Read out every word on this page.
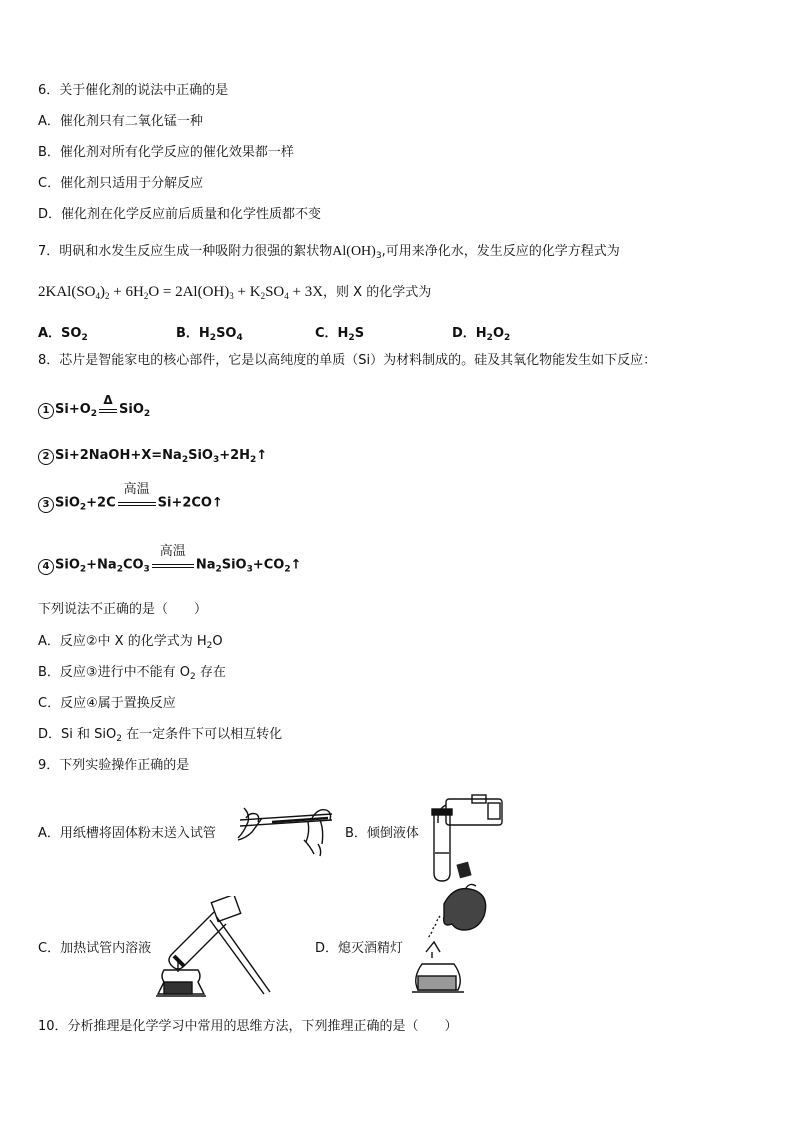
6．关于催化剂的说法中正确的是
A．催化剂只有二氧化锰一种
B．催化剂对所有化学反应的催化效果都一样
C．催化剂只适用于分解反应
D．催化剂在化学反应前后质量和化学性质都不变
7．明矾和水发生反应生成一种吸附力很强的絮状物$Al(OH)_3$,可用来净化水，发生反应的化学方程式为
$2KAl(SO_4)_2 + 6H_2O = 2Al(OH)_3 + K_2SO_4 + 3X$，则 X 的化学式为
A．$SO_2$	B．$H_2SO_4$	C．$H_2S$	D．$H_2O_2$
8．芯片是智能家电的核心部件，它是以高纯度的单质（Si）为材料制成的。硅及其氧化物能发生如下反应：
1 $Si+O_2$
Δ
SiO$_2$
2 $Si+2NaOH+X=Na_2SiO_3+2H_2↑$
3 SiO$_2$+2C
高温
Si+2CO↑
4 $SiO_2+Na_2CO_3$
高温
$Na_2SiO_3+CO_2↑$
下列说法不正确的是（　　）
A．反应②中 X 的化学式为 $H_2O$
B．反应③进行中不能有 $O_2$ 存在
C．反应④属于置换反应
D．Si 和 SiO$_2$ 在一定条件下可以相互转化
9．下列实验操作正确的是
A．用纸槽将固体粉末送入试管	B．倾倒液体
C．加热试管内溶液	D．熄灭酒精灯
10．分析推理是化学学习中常用的思维方法，下列推理正确的是（　　）
